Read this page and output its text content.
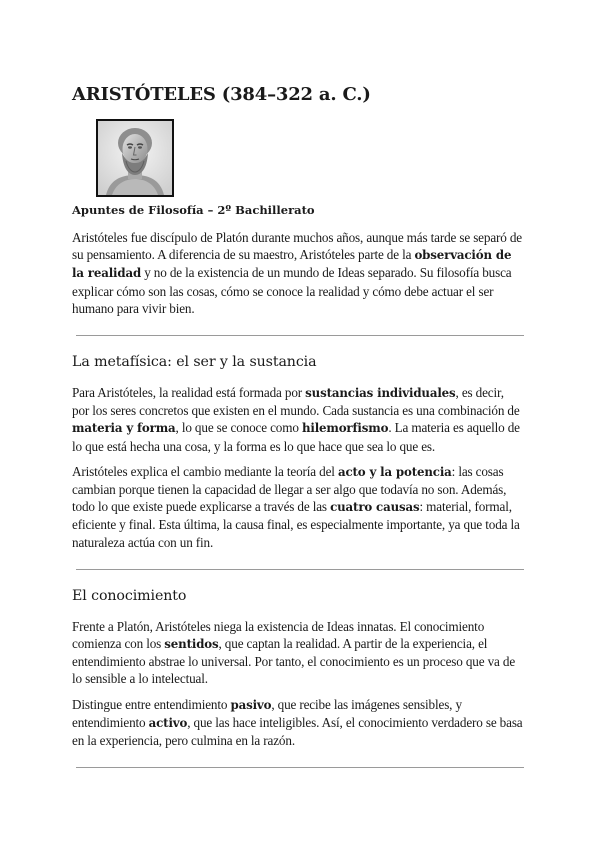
ARISTÓTELES (384–322 a. C.)
Apuntes de Filosofía – 2º Bachillerato

Aristóteles fue discípulo de Platón durante muchos años, aunque más tarde se separó de su pensamiento. A diferencia de su maestro, Aristóteles parte de la observación de la realidad y no de la existencia de un mundo de Ideas separado. Su filosofía busca explicar cómo son las cosas, cómo se conoce la realidad y cómo debe actuar el ser humano para vivir bien.

La metafísica: el ser y la sustancia

Para Aristóteles, la realidad está formada por sustancias individuales, es decir, por los seres concretos que existen en el mundo. Cada sustancia es una combinación de materia y forma, lo que se conoce como hilemorfismo. La materia es aquello de lo que está hecha una cosa, y la forma es lo que hace que sea lo que es.

Aristóteles explica el cambio mediante la teoría del acto y la potencia: las cosas cambian porque tienen la capacidad de llegar a ser algo que todavía no son. Además, todo lo que existe puede explicarse a través de las cuatro causas: material, formal, eficiente y final. Esta última, la causa final, es especialmente importante, ya que toda la naturaleza actúa con un fin.

El conocimiento

Frente a Platón, Aristóteles niega la existencia de Ideas innatas. El conocimiento comienza con los sentidos, que captan la realidad. A partir de la experiencia, el entendimiento abstrae lo universal. Por tanto, el conocimiento es un proceso que va de lo sensible a lo intelectual.

Distingue entre entendimiento pasivo, que recibe las imágenes sensibles, y entendimiento activo, que las hace inteligibles. Así, el conocimiento verdadero se basa en la experiencia, pero culmina en la razón.
